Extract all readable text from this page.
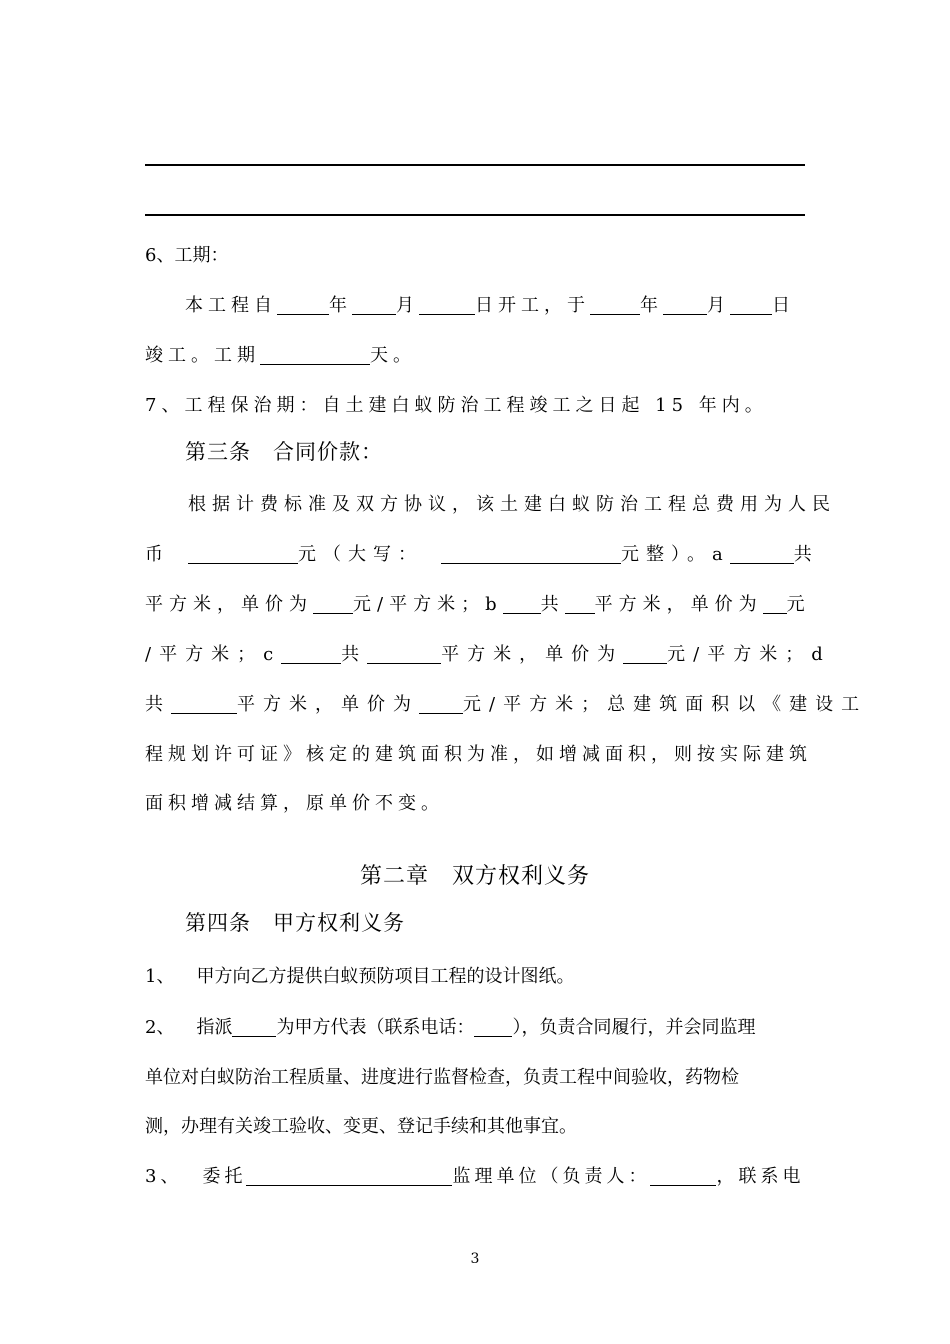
6、工期：
本工程自	年 月	日开工，于	年 月 日
竣工。工期	天。
7、工程保治期：自土建白蚁防治工程竣工之日起 15 年内。
第三条　合同价款：
根据计费标准及双方协议，该土建白蚁防治工程总费用为人民
币	元（大写：	元整）。a	共
平方米，单价为 元/平方米；b 共 平方米，单价为 元
/平方米；c	共	平方米，单价为 元/平方米；d
共	平方米，单价为 元/平方米；总建筑面积以《建设工
程规划许可证》核定的建筑面积为准，如增减面积，则按实际建筑
面积增减结算，原单价不变。
第二章　双方权利义务
第四条　甲方权利义务
1、 甲方向乙方提供白蚁预防项目工程的设计图纸。
2、 指派 为甲方代表（联系电话： ），负责合同履行，并会同监理
单位对白蚁防治工程质量、进度进行监督检查，负责工程中间验收，药物检
测，办理有关竣工验收、变更、登记手续和其他事宜。
3、 委托	监理单位（负责人：	，联系电
3
